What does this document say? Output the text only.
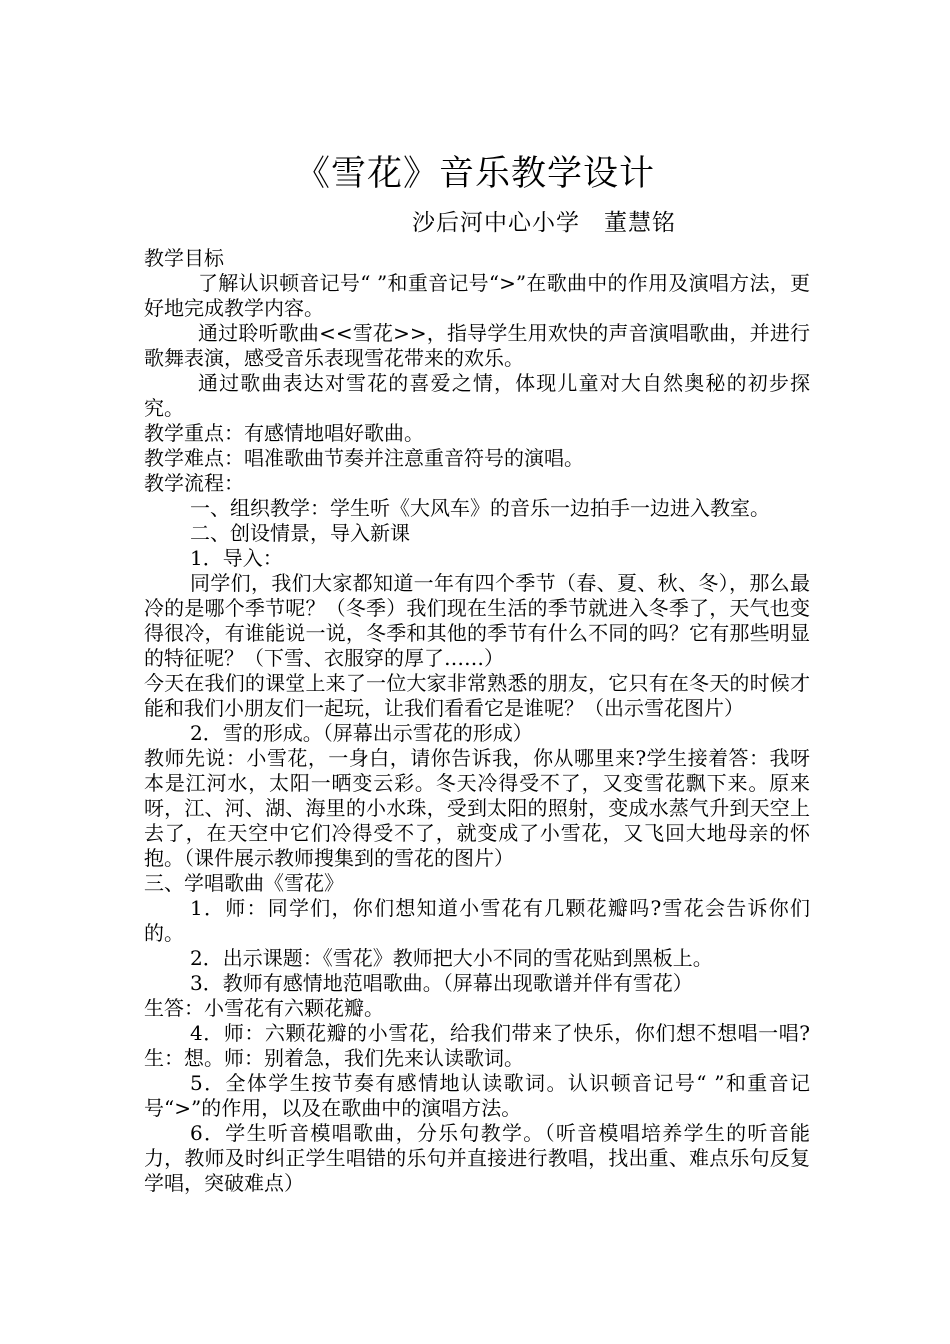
《雪花》音乐教学设计
沙后河中心小学　董慧铭

教学目标

了解认识顿音记号“ ”和重音记号“>”在歌曲中的作用及演唱方法，更好地完成教学内容。

通过聆听歌曲<<雪花>>，指导学生用欢快的声音演唱歌曲，并进行歌舞表演，感受音乐表现雪花带来的欢乐。

通过歌曲表达对雪花的喜爱之情，体现儿童对大自然奥秘的初步探究。

教学重点：有感情地唱好歌曲。

教学难点：唱准歌曲节奏并注意重音符号的演唱。

教学流程：

一、组织教学：学生听《大风车》的音乐一边拍手一边进入教室。

二、创设情景，导入新课

1．导入：

同学们，我们大家都知道一年有四个季节（春、夏、秋、冬），那么最冷的是哪个季节呢？（冬季）我们现在生活的季节就进入冬季了，天气也变得很冷，有谁能说一说，冬季和其他的季节有什么不同的吗？它有那些明显的特征呢？（下雪、衣服穿的厚了……）

今天在我们的课堂上来了一位大家非常熟悉的朋友，它只有在冬天的时候才能和我们小朋友们一起玩，让我们看看它是谁呢？（出示雪花图片）

2．雪的形成。（屏幕出示雪花的形成）

教师先说：小雪花，一身白，请你告诉我，你从哪里来?学生接着答：我呀本是江河水，太阳一晒变云彩。冬天冷得受不了，又变雪花飘下来。原来呀，江、河、湖、海里的小水珠，受到太阳的照射，变成水蒸气升到天空上去了，在天空中它们冷得受不了，就变成了小雪花，又飞回大地母亲的怀抱。（课件展示教师搜集到的雪花的图片）

三、学唱歌曲《雪花》

1．师：同学们，你们想知道小雪花有几颗花瓣吗?雪花会告诉你们的。

2．出示课题：《雪花》教师把大小不同的雪花贴到黑板上。

3．教师有感情地范唱歌曲。（屏幕出现歌谱并伴有雪花）

生答：小雪花有六颗花瓣。

4．师：六颗花瓣的小雪花，给我们带来了快乐，你们想不想唱一唱?生：想。师：别着急，我们先来认读歌词。

5．全体学生按节奏有感情地认读歌词。认识顿音记号“ ”和重音记号“>”的作用，以及在歌曲中的演唱方法。

6．学生听音模唱歌曲，分乐句教学。（听音模唱培养学生的听音能力，教师及时纠正学生唱错的乐句并直接进行教唱，找出重、难点乐句反复学唱，突破难点）
